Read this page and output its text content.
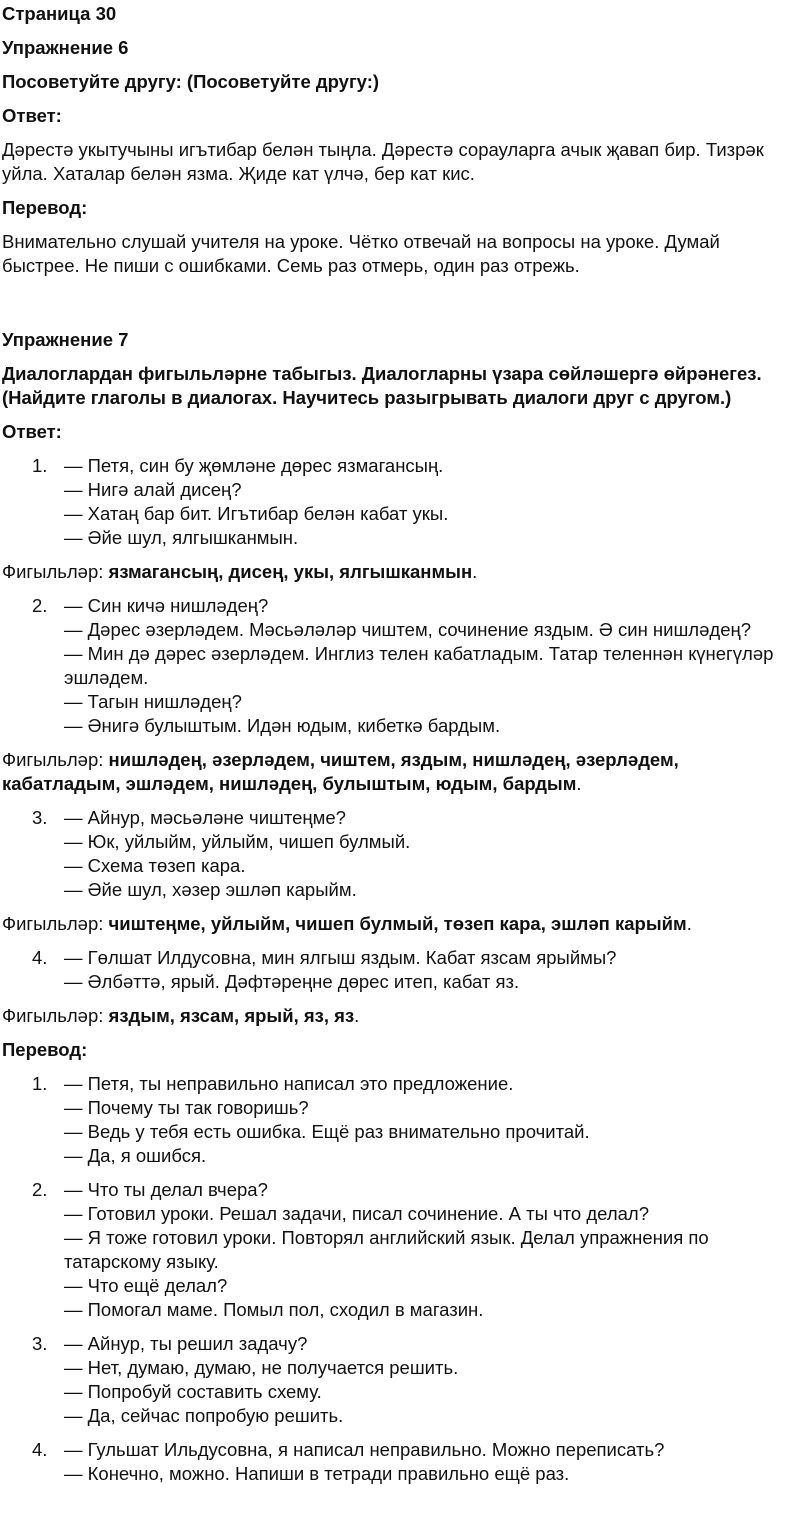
Страница 30
Упражнение 6
Посоветуйте другу: (Посоветуйте другу:)
Ответ:

Дәрестә укытучыны игътибар белән тыңла. Дәрестә сорауларга ачык җавап бир. Тизрәк уйла. Хаталар белән язма. Җиде кат үлчә, бер кат кис.

Перевод:

Внимательно слушай учителя на уроке. Чётко отвечай на вопросы на уроке. Думай быстрее. Не пиши с ошибками. Семь раз отмерь, один раз отрежь.

Упражнение 7
Диалоглардан фигыльләрне табыгыз. Диалогларны үзара сөйләшергә өйрәнегез. (Найдите глаголы в диалогах. Научитесь разыгрывать диалоги друг с другом.)
Ответ:
1. — Петя, син бу җөмләне дөрес язмагансың.
— Нигә алай дисең?
— Хатаң бар бит. Игътибар белән кабат укы.
— Әйе шул, ялгышканмын.
Фигыльләр: язмагансың, дисең, укы, ялгышканмын.
2. — Син кичә нишләдең?
— Дәрес әзерләдем. Мәсьәләләр чиштем, сочинение яздым. Ә син нишләдең?
— Мин дә дәрес әзерләдем. Инглиз телен кабатладым. Татар теленнән күнегүләр эшләдем.
— Тагын нишләдең?
— Әнигә булыштым. Идән юдым, кибеткә бардым.
Фигыльләр: нишләдең, әзерләдем, чиштем, яздым, нишләдең, әзерләдем, кабатладым, эшләдем, нишләдең, булыштым, юдым, бардым.
3. — Айнур, мәсьәләне чиштеңме?
— Юк, уйлыйм, уйлыйм, чишеп булмый.
— Схема төзеп кара.
— Әйе шул, хәзер эшләп карыйм.
Фигыльләр: чиштеңме, уйлыйм, чишеп булмый, төзеп кара, эшләп карыйм.
4. — Гөлшат Илдусовна, мин ялгыш яздым. Кабат язсам ярыймы?
— Әлбәттә, ярый. Дәфтәреңне дөрес итеп, кабат яз.
Фигыльләр: яздым, язсам, ярый, яз, яз.
Перевод:
1. — Петя, ты неправильно написал это предложение.
— Почему ты так говоришь?
— Ведь у тебя есть ошибка. Ещё раз внимательно прочитай.
— Да, я ошибся.
2. — Что ты делал вчера?
— Готовил уроки. Решал задачи, писал сочинение. А ты что делал?
— Я тоже готовил уроки. Повторял английский язык. Делал упражнения по татарскому языку.
— Что ещё делал?
— Помогал маме. Помыл пол, сходил в магазин.
3. — Айнур, ты решил задачу?
— Нет, думаю, думаю, не получается решить.
— Попробуй составить схему.
— Да, сейчас попробую решить.
4. — Гульшат Ильдусовна, я написал неправильно. Можно переписать?
— Конечно, можно. Напиши в тетради правильно ещё раз.
